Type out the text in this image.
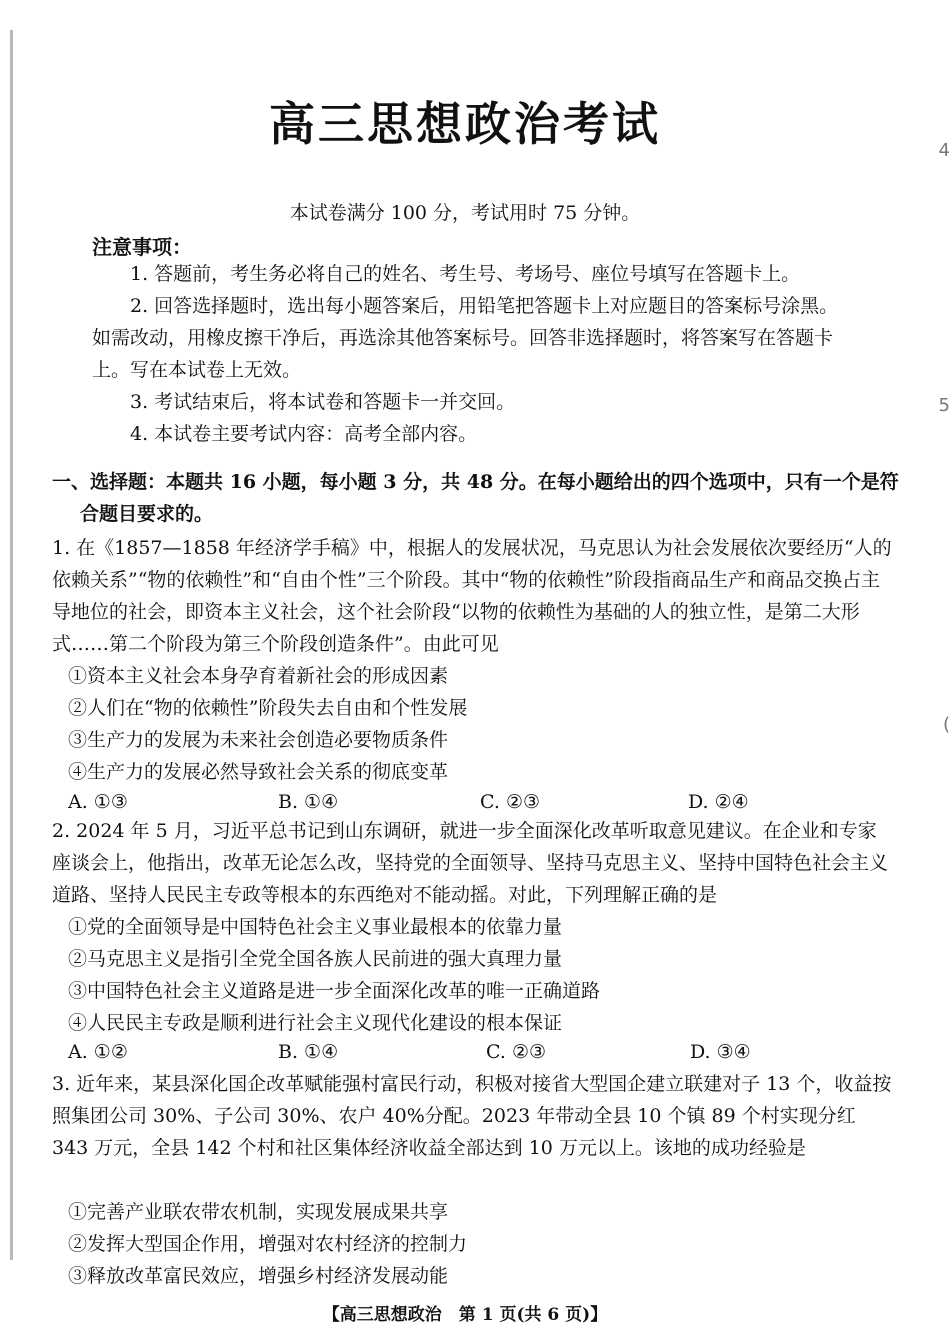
4
5
(
高三思想政治考试
本试卷满分 100 分，考试用时 75 分钟。
注意事项：

1. 答题前，考生务必将自己的姓名、考生号、考场号、座位号填写在答题卡上。

2. 回答选择题时，选出每小题答案后，用铅笔把答题卡上对应题目的答案标号涂黑。如需改动，用橡皮擦干净后，再选涂其他答案标号。回答非选择题时，将答案写在答题卡上。写在本试卷上无效。

3. 考试结束后，将本试卷和答题卡一并交回。

4. 本试卷主要考试内容：高考全部内容。

一、选择题：本题共 16 小题，每小题 3 分，共 48 分。在每小题给出的四个选项中，只有一个是符合题目要求的。

1. 在《1857—1858 年经济学手稿》中，根据人的发展状况，马克思认为社会发展依次要经历“人的依赖关系”“物的依赖性”和“自由个性”三个阶段。其中“物的依赖性”阶段指商品生产和商品交换占主导地位的社会，即资本主义社会，这个社会阶段“以物的依赖性为基础的人的独立性，是第二大形式……第二个阶段为第三个阶段创造条件”。由此可见

①资本主义社会本身孕育着新社会的形成因素
②人们在“物的依赖性”阶段失去自由和个性发展
③生产力的发展为未来社会创造必要物质条件
④生产力的发展必然导致社会关系的彻底变革
A. ①③	B. ①④	C. ②③	D. ②④

2. 2024 年 5 月，习近平总书记到山东调研，就进一步全面深化改革听取意见建议。在企业和专家座谈会上，他指出，改革无论怎么改，坚持党的全面领导、坚持马克思主义、坚持中国特色社会主义道路、坚持人民民主专政等根本的东西绝对不能动摇。对此，下列理解正确的是

①党的全面领导是中国特色社会主义事业最根本的依靠力量
②马克思主义是指引全党全国各族人民前进的强大真理力量
③中国特色社会主义道路是进一步全面深化改革的唯一正确道路
④人民民主专政是顺利进行社会主义现代化建设的根本保证
A. ①②	B. ①④	C. ②③	D. ③④

3. 近年来，某县深化国企改革赋能强村富民行动，积极对接省大型国企建立联建对子 13 个，收益按照集团公司 30%、子公司 30%、农户 40%分配。2023 年带动全县 10 个镇 89 个村实现分红 343 万元，全县 142 个村和社区集体经济收益全部达到 10 万元以上。该地的成功经验是

①完善产业联农带农机制，实现发展成果共享
②发挥大型国企作用，增强对农村经济的控制力
③释放改革富民效应，增强乡村经济发展动能
【高三思想政治　第 1 页(共 6 页)】
